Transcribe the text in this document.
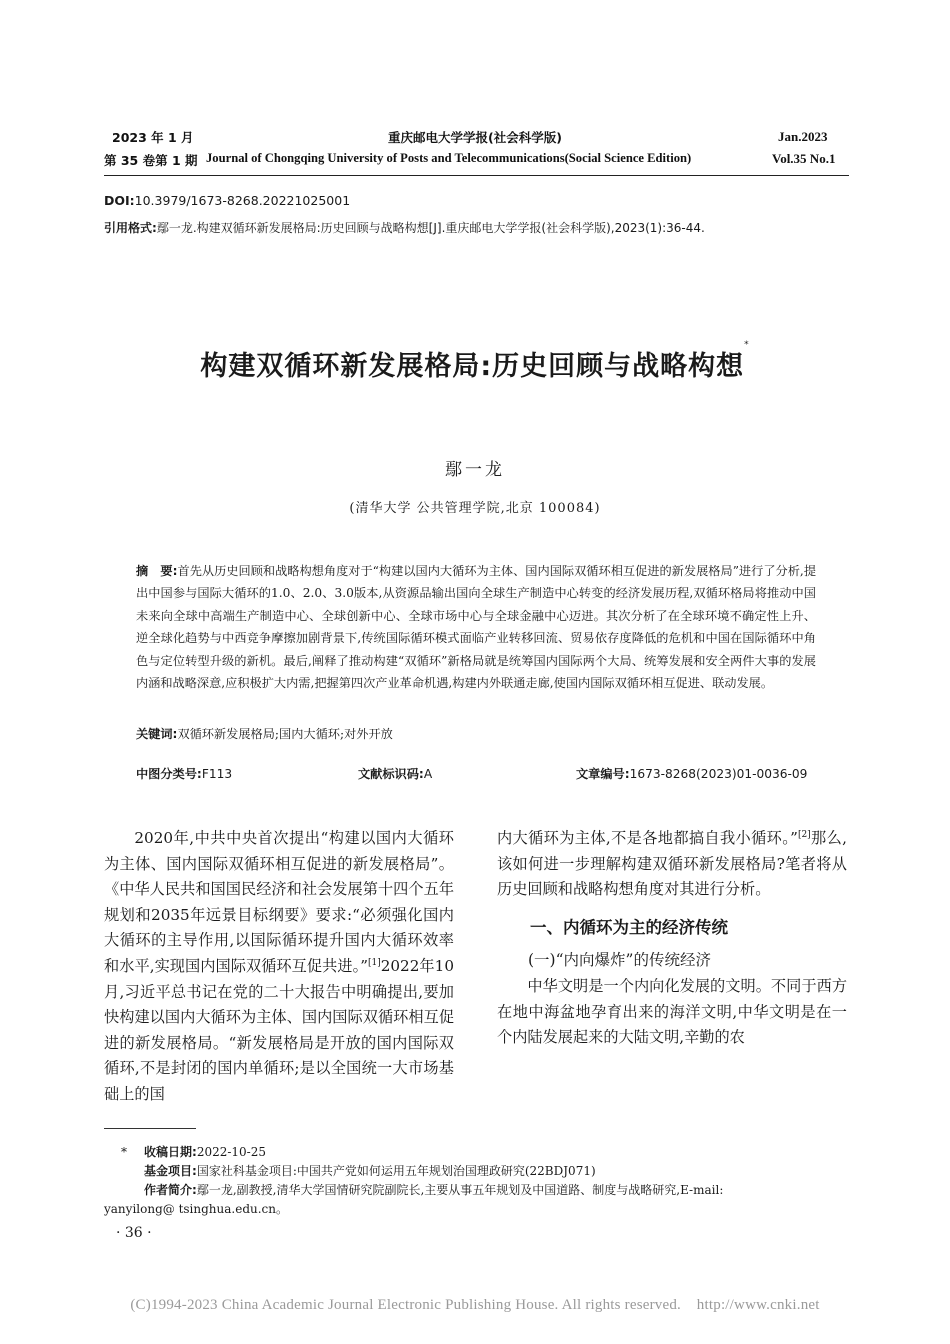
2023 年 1 月	重庆邮电大学学报(社会科学版)	Jan.2023
第 35 卷第 1 期 Journal of Chongqing University of Posts and Telecommunications(Social Science Edition)	Vol.35 No.1
DOI:10.3979/1673-8268.20221025001
引用格式:鄢一龙.构建双循环新发展格局:历史回顾与战略构想[J].重庆邮电大学学报(社会科学版),2023(1):36-44.
构建双循环新发展格局:历史回顾与战略构想*
鄢一龙
(清华大学 公共管理学院,北京 100084)
摘　要:首先从历史回顾和战略构想角度对于“构建以国内大循环为主体、国内国际双循环相互促进的新发展格局”进行了分析,提出中国参与国际大循环的1.0、2.0、3.0版本,从资源品输出国向全球生产制造中心转变的经济发展历程,双循环格局将推动中国未来向全球中高端生产制造中心、全球创新中心、全球市场中心与全球金融中心迈进。其次分析了在全球环境不确定性上升、逆全球化趋势与中西竞争摩擦加剧背景下,传统国际循环模式面临产业转移回流、贸易依存度降低的危机和中国在国际循环中角色与定位转型升级的新机。最后,阐释了推动构建“双循环”新格局就是统筹国内国际两个大局、统筹发展和安全两件大事的发展内涵和战略深意,应积极扩大内需,把握第四次产业革命机遇,构建内外联通走廊,使国内国际双循环相互促进、联动发展。
关键词:双循环新发展格局;国内大循环;对外开放
中图分类号:F113	文献标识码:A	文章编号:1673-8268(2023)01-0036-09

2020年,中共中央首次提出“构建以国内大循环为主体、国内国际双循环相互促进的新发展格局”。《中华人民共和国国民经济和社会发展第十四个五年规划和2035年远景目标纲要》要求:“必须强化国内大循环的主导作用,以国际循环提升国内大循环效率和水平,实现国内国际双循环互促共进。”[1]2022年10月,习近平总书记在党的二十大报告中明确提出,要加快构建以国内大循环为主体、国内国际双循环相互促进的新发展格局。“新发展格局是开放的国内国际双循环,不是封闭的国内单循环;是以全国统一大市场基础上的国

内大循环为主体,不是各地都搞自我小循环。”[2]那么,该如何进一步理解构建双循环新发展格局?笔者将从历史回顾和战略构想角度对其进行分析。

一、内循环为主的经济传统

(一)“内向爆炸”的传统经济

中华文明是一个内向化发展的文明。不同于西方在地中海盆地孕育出来的海洋文明,中华文明是在一个内陆发展起来的大陆文明,辛勤的农

* 收稿日期:2022-10-25
基金项目:国家社科基金项目:中国共产党如何运用五年规划治国理政研究(22BDJ071)
作者简介:鄢一龙,副教授,清华大学国情研究院副院长,主要从事五年规划及中国道路、制度与战略研究,E-mail:
yanyilong@ tsinghua.edu.cn。
· 36 ·
(C)1994-2023 China Academic Journal Electronic Publishing House. All rights reserved.    http://www.cnki.net
